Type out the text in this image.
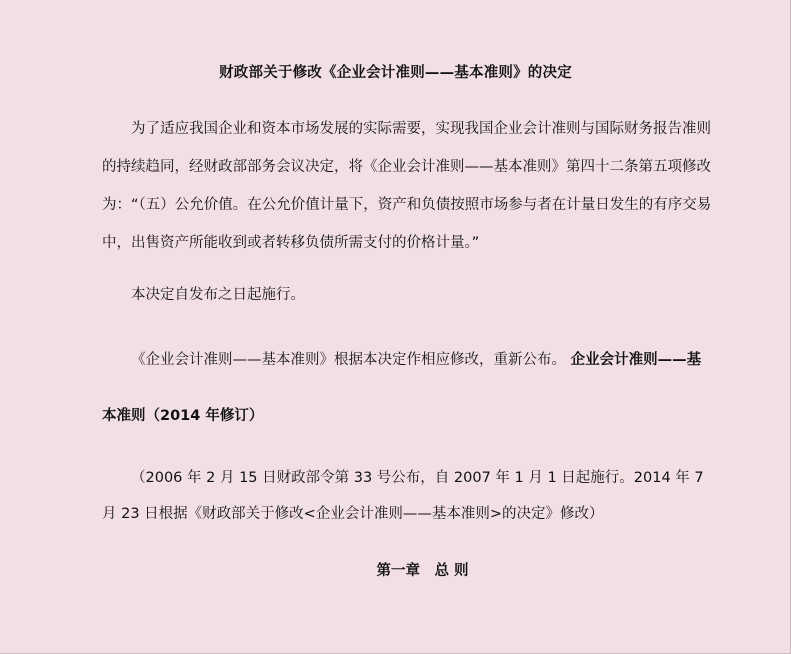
财政部关于修改《企业会计准则——基本准则》的决定

为了适应我国企业和资本市场发展的实际需要，实现我国企业会计准则与国际财务报告准则的持续趋同，经财政部部务会议决定，将《企业会计准则——基本准则》第四十二条第五项修改为：“（五）公允价值。在公允价值计量下，资产和负债按照市场参与者在计量日发生的有序交易中，出售资产所能收到或者转移负债所需支付的价格计量。”

本决定自发布之日起施行。

《企业会计准则——基本准则》根据本决定作相应修改，重新公布。 企业会计准则——基本准则（2014 年修订）

（2006 年 2 月 15 日财政部令第 33 号公布，自 2007 年 1 月 1 日起施行。2014 年 7 月 23 日根据《财政部关于修改<企业会计准则——基本准则>的决定》修改）

第一章　总 则
